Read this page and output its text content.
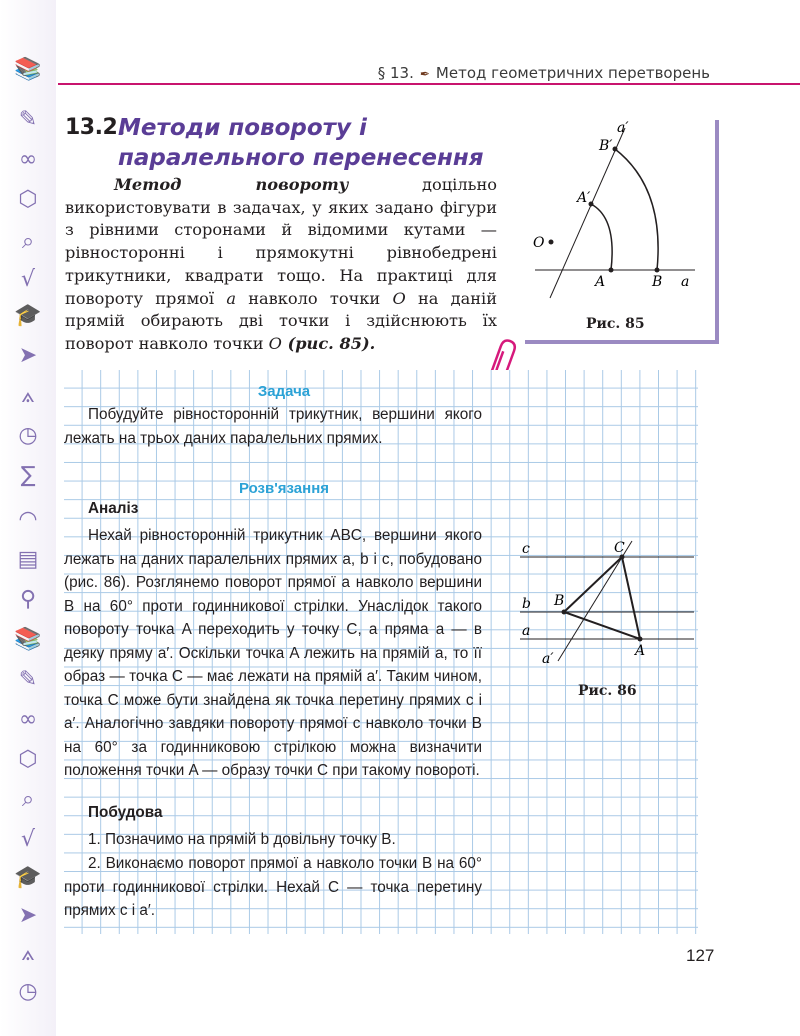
📚
✎
∞
⬡
⌕
√
🎓
➤
⟑
◷
∑
◠
▤
⚲
📚
✎
∞
⬡
⌕
√
🎓
➤
⟑
◷
§ 13. ✒ Метод геометричних перетворень
13.2.
Методи повороту і паралельного перенесення
Метод повороту доцільно використовувати в задачах, у яких задано фігури з рівними сторонами й відомими кутами — рівносторонні і прямокутні рівнобедрені трикутники, квадрати тощо. На практиці для повороту прямої a навколо точки O на даній прямій обирають дві точки і здійснюють їх поворот навколо точки O (рис. 85).
a′
B′
A′
O
A	B a
Рис. 85
Задача
Побудуйте рівносторонній трикутник, вершини якого лежать на трьох даних паралельних прямих.
Розв'язання
Аналіз
Нехай рівносторонній трикутник ABC, вершини якого лежать на даних паралельних прямих a, b і c, побудовано (рис. 86). Розглянемо поворот прямої a навколо вершини B на 60° проти годинникової стрілки. Унаслідок такого повороту точка A переходить у точку C, а пряма a — в деяку пряму a′. Оскільки точка A лежить на прямій a, то її образ — точка C — має лежати на прямій a′. Таким чином, точка C може бути знайдена як точка перетину прямих c і a′. Аналогічно завдяки повороту прямої c навколо точки B на 60° за годинниковою стрілкою можна визначити положення точки A — образу точки C при такому повороті.
Побудова
1. Позначимо на прямій b довільну точку B.
2. Виконаємо поворот прямої a навколо точки B на 60° проти годинникової стрілки. Нехай C — точка перетину прямих c і a′.
c
b
a
C
B
A
a′
Рис. 86
127
